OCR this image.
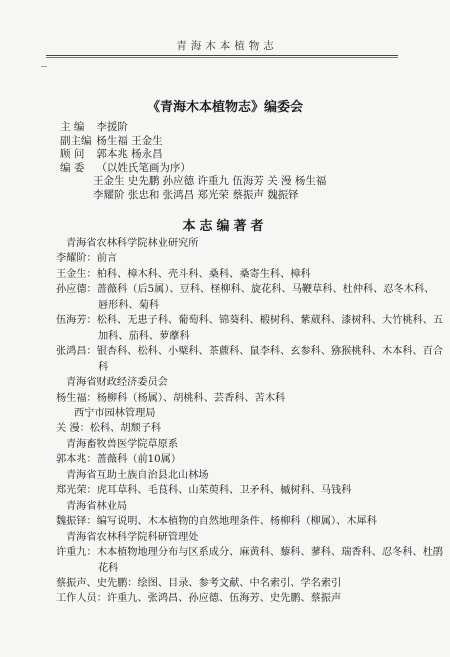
青海木本植物志
《青海木本植物志》编委会
主 编 李援阶
副主编 杨生福 王金生
顾 问 郭本兆 杨永昌
编 委 （以姓氏笔画为序）
王金生 史先鹏 孙应德 许重九 伍海芳 关 漫 杨生福
李耀阶 张忠和 张鸿昌 郑光荣 蔡振声 魏振铎
本志编著者
青海省农林科学院林业研究所
李耀阶：前言
王金生：柏科、樟木科、壳斗科、桑科、桑寄生科、樟科
孙应德：蔷薇科（后5属）、豆科、柽柳科、旋花科、马鞭草科、杜仲科、忍冬木科、
唇形科、菊科
伍海芳：松科、无患子科、葡萄科、锦葵科、椴树科、紫葳科、漆树科、大竹桃科、五
加科、茄科、萝藦科
张鸿昌：银杏科、松科、小檗科、茶藨科、鼠李科、玄参科、猕猴桃科、木本科、百合
科
青海省财政经济委员会
杨生福：杨柳科（杨属）、胡桃科、芸香科、苦木科
西宁市园林管理局
关 漫：松科、胡颓子科
青海畜牧兽医学院草原系
郭本兆：蔷薇科（前10属）
青海省互助土族自治县北山林场
郑光荣：虎耳草科、毛茛科、山茱萸科、卫矛科、槭树科、马钱科
青海省林业局
魏振铎：编写说明、木本植物的自然地理条件、杨柳科（柳属）、木犀科
青海省农林科学院科研管理处
许重九：木本植物地理分布与区系成分、麻黄科、藜科、蓼科、瑞香科、忍冬科、杜鹃
花科
蔡振声、史先鹏：绘图、目录、参考文献、中名索引、学名索引
工作人员：许重九、张鸿昌、孙应德、伍海芳、史先鹏、蔡振声
